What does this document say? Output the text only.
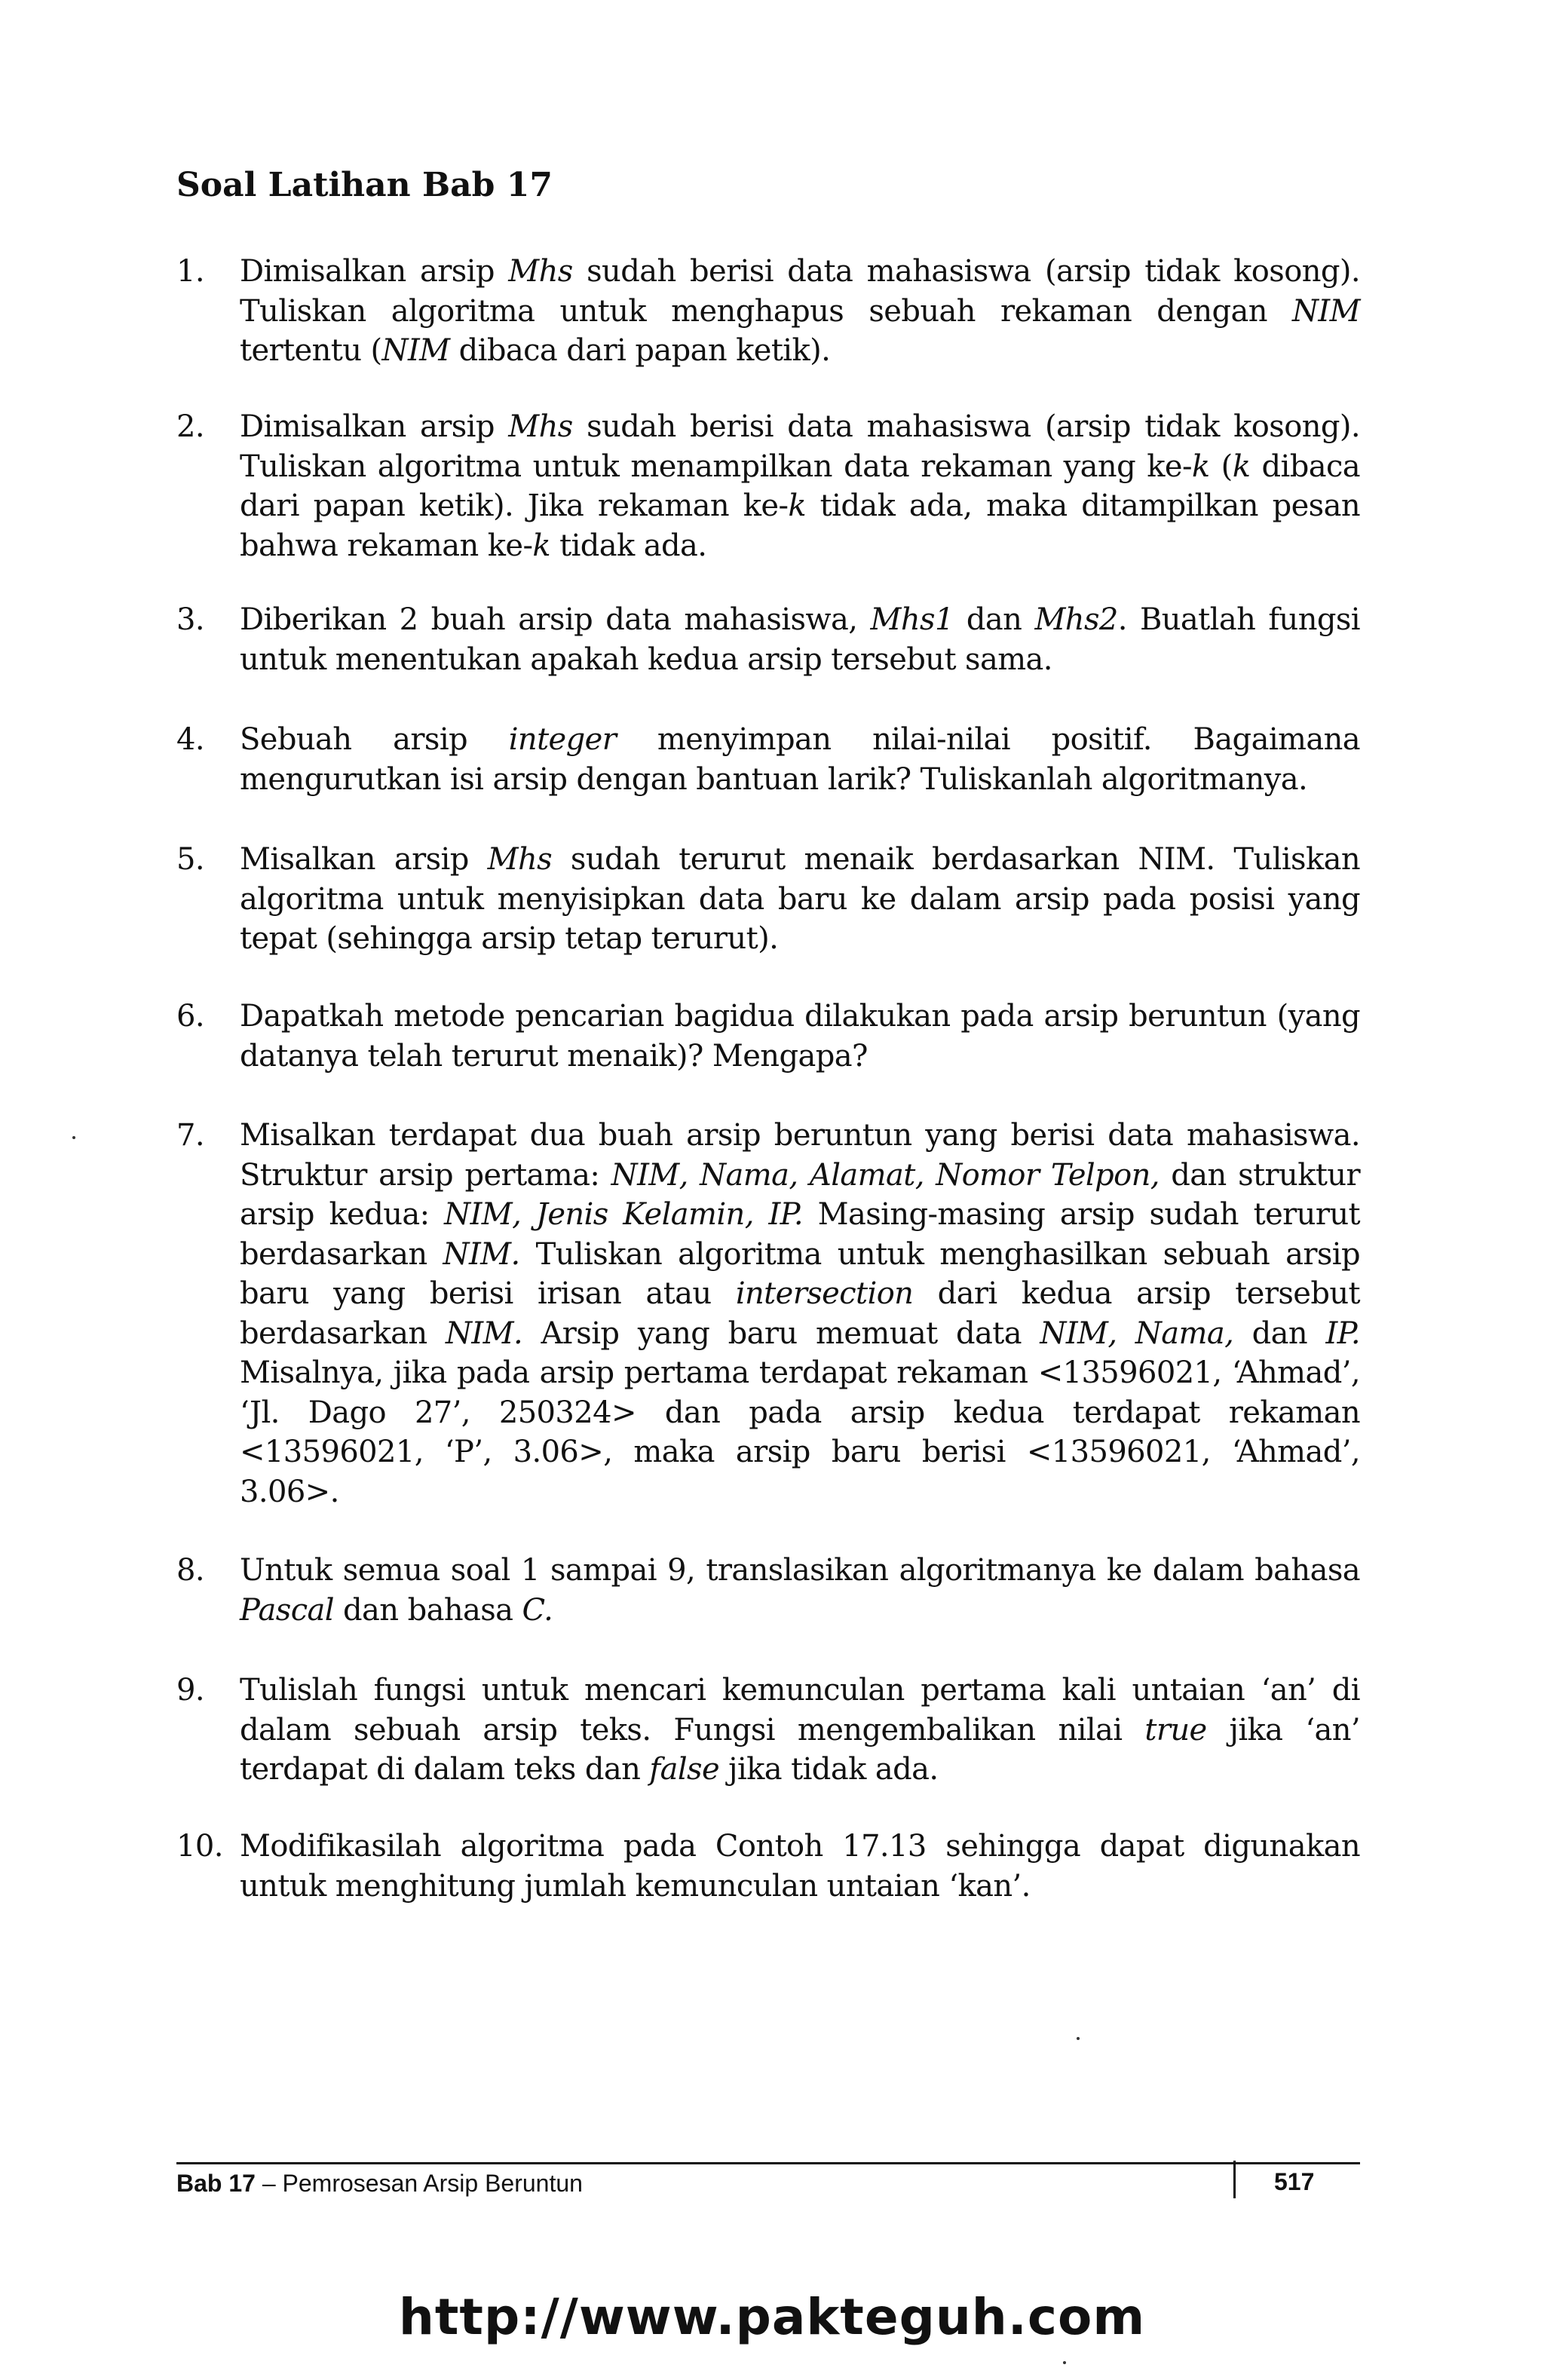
Soal Latihan Bab 17
1. Dimisalkan arsip Mhs sudah berisi data mahasiswa (arsip tidak kosong). Tuliskan algoritma untuk menghapus sebuah rekaman dengan NIM tertentu (NIM dibaca dari papan ketik).
2. Dimisalkan arsip Mhs sudah berisi data mahasiswa (arsip tidak kosong). Tuliskan algoritma untuk menampilkan data rekaman yang ke-k (k dibaca dari papan ketik). Jika rekaman ke-k tidak ada, maka ditampilkan pesan bahwa rekaman ke-k tidak ada.
3. Diberikan 2 buah arsip data mahasiswa, Mhs1 dan Mhs2. Buatlah fungsi untuk menentukan apakah kedua arsip tersebut sama.
4. Sebuah arsip integer menyimpan nilai-nilai positif. Bagaimana mengurutkan isi arsip dengan bantuan larik? Tuliskanlah algoritmanya.
5. Misalkan arsip Mhs sudah terurut menaik berdasarkan NIM. Tuliskan algoritma untuk menyisipkan data baru ke dalam arsip pada posisi yang tepat (sehingga arsip tetap terurut).
6. Dapatkah metode pencarian bagidua dilakukan pada arsip beruntun (yang datanya telah terurut menaik)? Mengapa?
7. Misalkan terdapat dua buah arsip beruntun yang berisi data mahasiswa. Struktur arsip pertama: NIM, Nama, Alamat, Nomor Telpon, dan struktur arsip kedua: NIM, Jenis Kelamin, IP. Masing-masing arsip sudah terurut berdasarkan NIM. Tuliskan algoritma untuk menghasilkan sebuah arsip baru yang berisi irisan atau intersection dari kedua arsip tersebut berdasarkan NIM. Arsip yang baru memuat data NIM, Nama, dan IP. Misalnya, jika pada arsip pertama terdapat rekaman <13596021, ‘Ahmad’, ‘Jl. Dago 27’, 250324> dan pada arsip kedua terdapat rekaman <13596021, ‘P’, 3.06>, maka arsip baru berisi <13596021, ‘Ahmad’, 3.06>.
8. Untuk semua soal 1 sampai 9, translasikan algoritmanya ke dalam bahasa Pascal dan bahasa C.
9. Tulislah fungsi untuk mencari kemunculan pertama kali untaian ‘an’ di dalam sebuah arsip teks. Fungsi mengembalikan nilai true jika ‘an’ terdapat di dalam teks dan false jika tidak ada.
10. Modifikasilah algoritma pada Contoh 17.13 sehingga dapat digunakan untuk menghitung jumlah kemunculan untaian ‘kan’.
Bab 17 – Pemrosesan Arsip Beruntun	517
http://www.pakteguh.com
